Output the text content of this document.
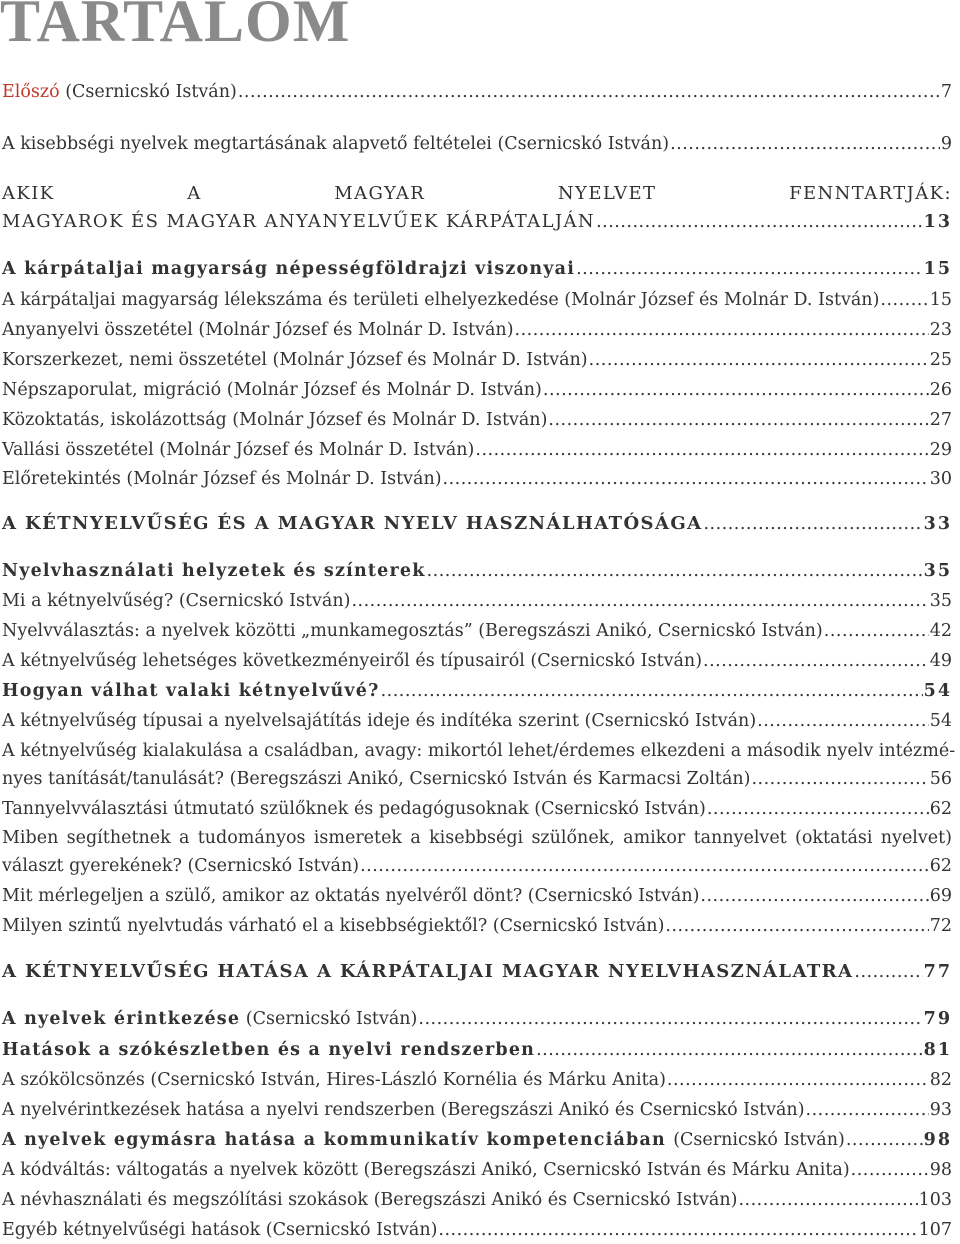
TARTALOM
Előszó (Csernicskó István) .....	7
A kisebbségi nyelvek megtartásának alapvető feltételei (Csernicskó István) .....	9
AKIK A MAGYAR NYELVET FENNTARTJÁK:
MAGYAROK ÉS MAGYAR ANYANYELVŰEK KÁRPÁTALJÁN .....	13
A kárpátaljai magyarság népességföldrajzi viszonyai .....	15
A kárpátaljai magyarság lélekszáma és területi elhelyezkedése (Molnár József és Molnár D. István) .....	15
Anyanyelvi összetétel (Molnár József és Molnár D. István) .....	23
Korszerkezet, nemi összetétel (Molnár József és Molnár D. István) .....	25
Népszaporulat, migráció (Molnár József és Molnár D. István) .....	26
Közoktatás, iskolázottság (Molnár József és Molnár D. István) .....	27
Vallási összetétel (Molnár József és Molnár D. István) .....	29
Előretekintés (Molnár József és Molnár D. István) .....	30
A KÉTNYELVŰSÉG ÉS A MAGYAR NYELV HASZNÁLHATÓSÁGA .....	33
Nyelvhasználati helyzetek és színterek .....	35
Mi a kétnyelvűség? (Csernicskó István) .....	35
Nyelvválasztás: a nyelvek közötti „munkamegosztás” (Beregszászi Anikó, Csernicskó István) .....	42
A kétnyelvűség lehetséges következményeiről és típusairól (Csernicskó István) .....	49
Hogyan válhat valaki kétnyelvűvé? .....	54
A kétnyelvűség típusai a nyelvelsajátítás ideje és indítéka szerint (Csernicskó István) .....	54
A kétnyelvűség kialakulása a családban, avagy: mikortól lehet/érdemes elkezdeni a második nyelv intézmé-
nyes tanítását/tanulását? (Beregszászi Anikó, Csernicskó István és Karmacsi Zoltán) .....	56
Tannyelvválasztási útmutató szülőknek és pedagógusoknak (Csernicskó István) .....	62
Miben segíthetnek a tudományos ismeretek a kisebbségi szülőnek, amikor tannyelvet (oktatási nyelvet)
választ gyerekének? (Csernicskó István) .....	62
Mit mérlegeljen a szülő, amikor az oktatás nyelvéről dönt? (Csernicskó István) .....	69
Milyen szintű nyelvtudás várható el a kisebbségiektől? (Csernicskó István) .....	72
A KÉTNYELVŰSÉG HATÁSA A KÁRPÁTALJAI MAGYAR NYELVHASZNÁLATRA .....	77
A nyelvek érintkezése (Csernicskó István) .....	79
Hatások a szókészletben és a nyelvi rendszerben .....	81
A szókölcsönzés (Csernicskó István, Hires-László Kornélia és Márku Anita) .....	82
A nyelvérintkezések hatása a nyelvi rendszerben (Beregszászi Anikó és Csernicskó István) .....	93
A nyelvek egymásra hatása a kommunikatív kompetenciában (Csernicskó István) .....	98
A kódváltás: váltogatás a nyelvek között (Beregszászi Anikó, Csernicskó István és Márku Anita) .....	98
A névhasználati és megszólítási szokások (Beregszászi Anikó és Csernicskó István) .....	103
Egyéb kétnyelvűségi hatások (Csernicskó István) .....	107
